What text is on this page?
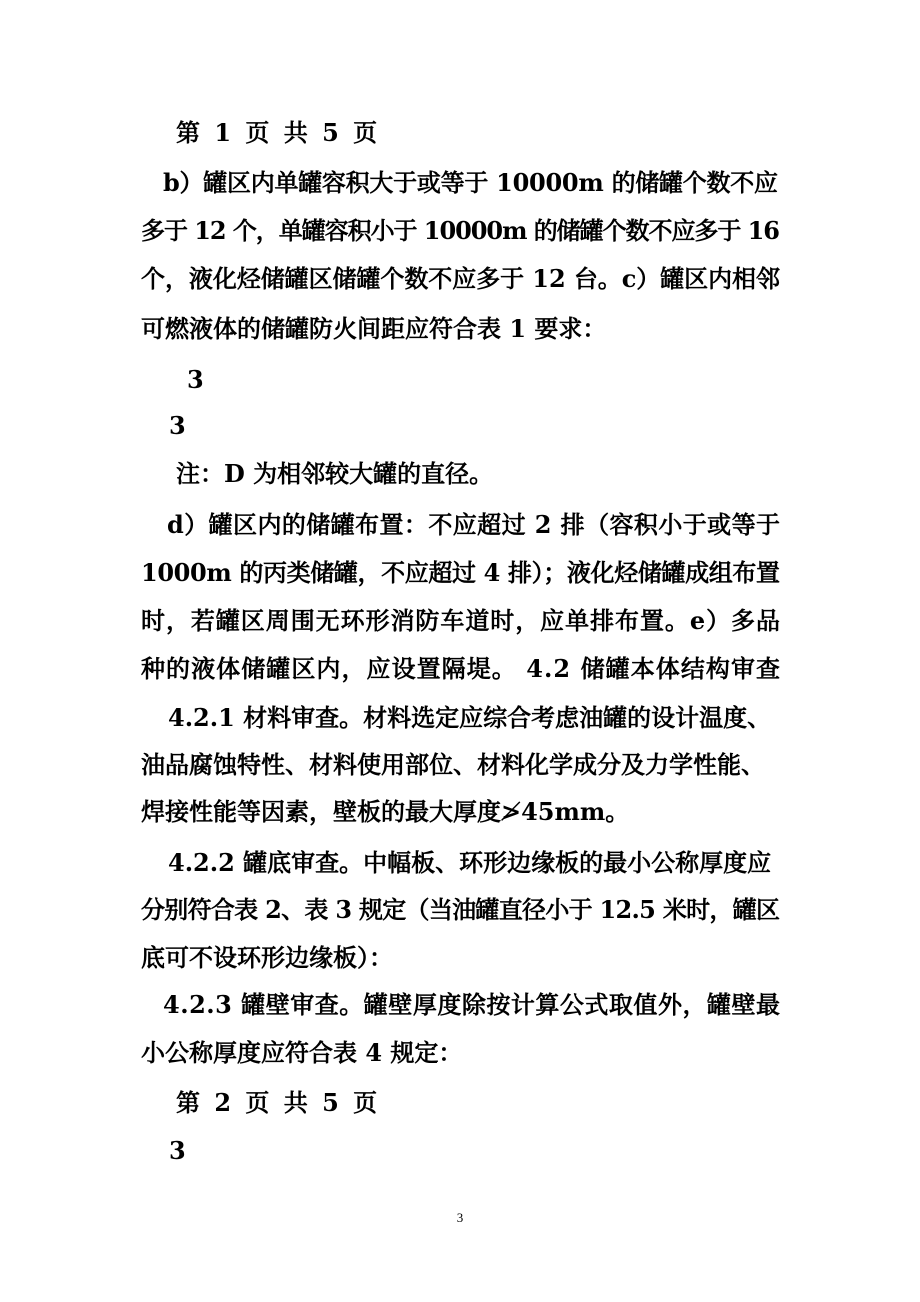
第 1 页 共 5 页
b）罐区内单罐容积大于或等于 10000m 的储罐个数不应
多于 12 个，单罐容积小于 10000m 的储罐个数不应多于 16
个，液化烃储罐区储罐个数不应多于 12 台。c）罐区内相邻
可燃液体的储罐防火间距应符合表 1 要求：
3
3
注：D 为相邻较大罐的直径。
d）罐区内的储罐布置：不应超过 2 排（容积小于或等于
1000m 的丙类储罐，不应超过 4 排）；液化烃储罐成组布置
时，若罐区周围无环形消防车道时，应单排布置。e）多品
种的液体储罐区内，应设置隔堤。 4.2 储罐本体结构审查
4.2.1 材料审查。材料选定应综合考虑油罐的设计温度、
油品腐蚀特性、材料使用部位、材料化学成分及力学性能、
焊接性能等因素，壁板的最大厚度≯45mm。
4.2.2 罐底审查。中幅板、环形边缘板的最小公称厚度应
分别符合表 2、表 3 规定（当油罐直径小于 12.5 米时，罐区
底可不设环形边缘板）：
4.2.3 罐壁审查。罐壁厚度除按计算公式取值外，罐壁最
小公称厚度应符合表 4 规定：
第 2 页 共 5 页
3
3
